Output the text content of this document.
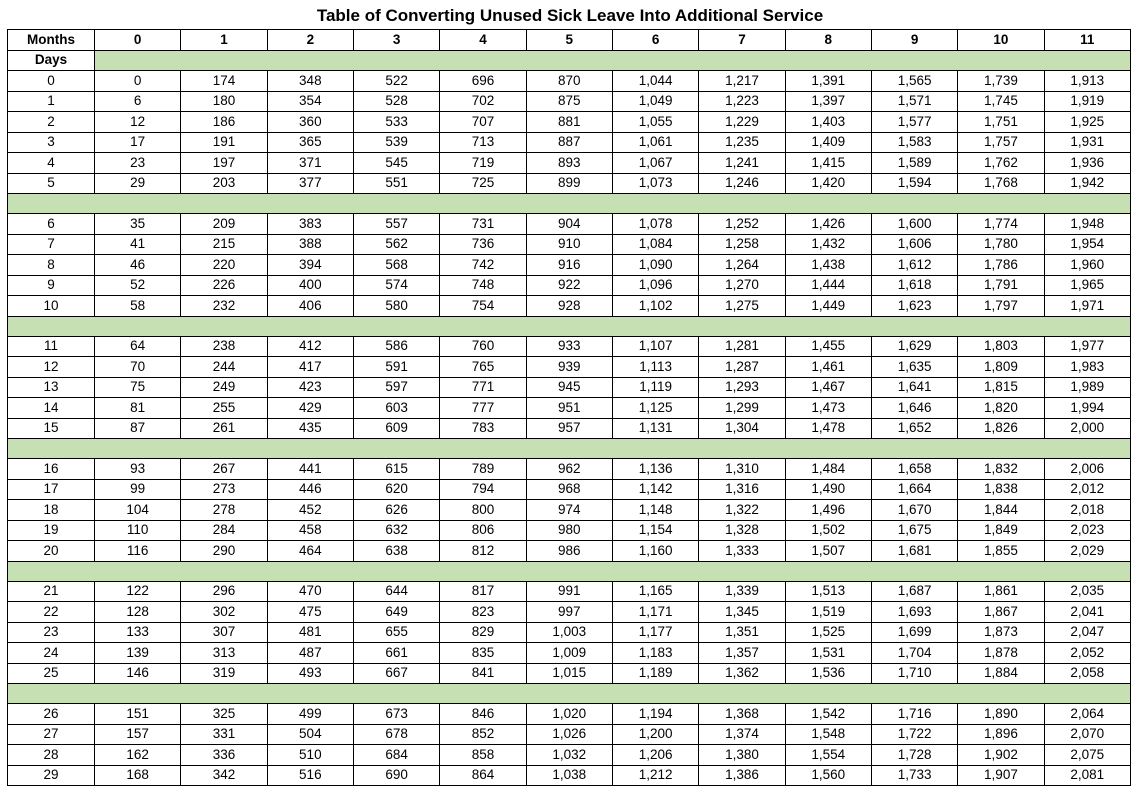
Table of Converting Unused Sick Leave Into Additional Service
Months	0	1	2	3	4	5	6	7	8	9	10	11
Days												
0	0	174	348	522	696	870	1,044	1,217	1,391	1,565	1,739	1,913
1	6	180	354	528	702	875	1,049	1,223	1,397	1,571	1,745	1,919
2	12	186	360	533	707	881	1,055	1,229	1,403	1,577	1,751	1,925
3	17	191	365	539	713	887	1,061	1,235	1,409	1,583	1,757	1,931
4	23	197	371	545	719	893	1,067	1,241	1,415	1,589	1,762	1,936
5	29	203	377	551	725	899	1,073	1,246	1,420	1,594	1,768	1,942

6	35	209	383	557	731	904	1,078	1,252	1,426	1,600	1,774	1,948
7	41	215	388	562	736	910	1,084	1,258	1,432	1,606	1,780	1,954
8	46	220	394	568	742	916	1,090	1,264	1,438	1,612	1,786	1,960
9	52	226	400	574	748	922	1,096	1,270	1,444	1,618	1,791	1,965
10	58	232	406	580	754	928	1,102	1,275	1,449	1,623	1,797	1,971

11	64	238	412	586	760	933	1,107	1,281	1,455	1,629	1,803	1,977
12	70	244	417	591	765	939	1,113	1,287	1,461	1,635	1,809	1,983
13	75	249	423	597	771	945	1,119	1,293	1,467	1,641	1,815	1,989
14	81	255	429	603	777	951	1,125	1,299	1,473	1,646	1,820	1,994
15	87	261	435	609	783	957	1,131	1,304	1,478	1,652	1,826	2,000

16	93	267	441	615	789	962	1,136	1,310	1,484	1,658	1,832	2,006
17	99	273	446	620	794	968	1,142	1,316	1,490	1,664	1,838	2,012
18	104	278	452	626	800	974	1,148	1,322	1,496	1,670	1,844	2,018
19	110	284	458	632	806	980	1,154	1,328	1,502	1,675	1,849	2,023
20	116	290	464	638	812	986	1,160	1,333	1,507	1,681	1,855	2,029

21	122	296	470	644	817	991	1,165	1,339	1,513	1,687	1,861	2,035
22	128	302	475	649	823	997	1,171	1,345	1,519	1,693	1,867	2,041
23	133	307	481	655	829	1,003	1,177	1,351	1,525	1,699	1,873	2,047
24	139	313	487	661	835	1,009	1,183	1,357	1,531	1,704	1,878	2,052
25	146	319	493	667	841	1,015	1,189	1,362	1,536	1,710	1,884	2,058

26	151	325	499	673	846	1,020	1,194	1,368	1,542	1,716	1,890	2,064
27	157	331	504	678	852	1,026	1,200	1,374	1,548	1,722	1,896	2,070
28	162	336	510	684	858	1,032	1,206	1,380	1,554	1,728	1,902	2,075
29	168	342	516	690	864	1,038	1,212	1,386	1,560	1,733	1,907	2,081
